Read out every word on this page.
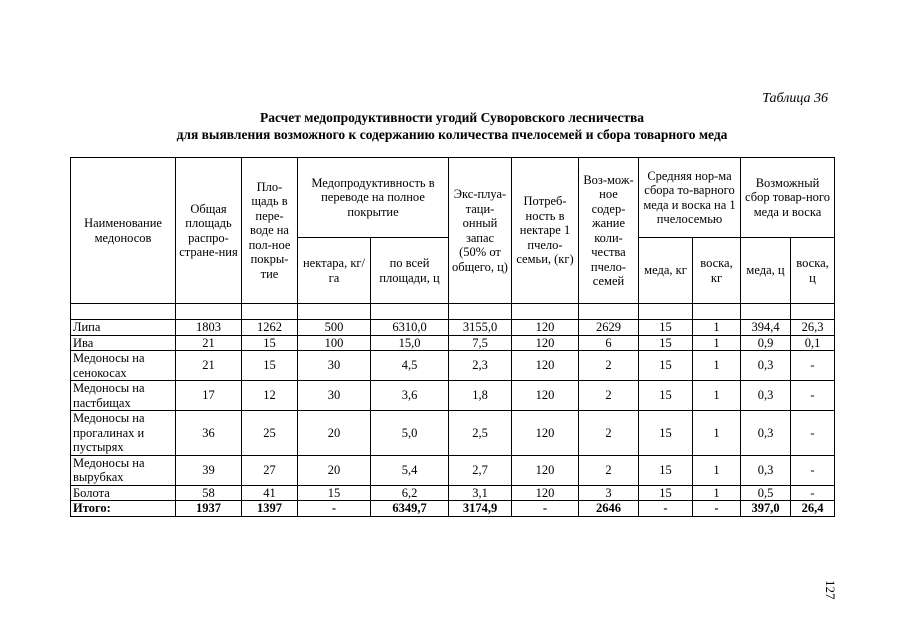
Таблица 36
Расчет медопродуктивности угодий Суворовского лесничества
для выявления возможного к содержанию количества пчелосемей и сбора товарного меда
Наименование медоносов	Общая площадь распро-стране-ния	Пло-щадь в пере-воде на пол-ное покры-тие	Медопродуктивность в переводе на полное покрытие		Экс-плуа-таци-онный запас (50% от общего, ц)	Потреб-ность в нектаре 1 пчело-семьи, (кг)	Воз-мож-ное содер-жание коли-чества пчело-семей	Средняя нор-ма сбора то-варного меда и воска на 1 пчелосемью		Возможный сбор товар-ного меда и воска	
			нектара, кг/га	по всей площади, ц				меда, кг	воска, кг	меда, ц	воска, ц

Липа	1803	1262	500	6310,0	3155,0	120	2629	15	1	394,4	26,3
Ива	21	15	100	15,0	7,5	120	6	15	1	0,9	0,1
Медоносы на сенокосах	21	15	30	4,5	2,3	120	2	15	1	0,3	-
Медоносы на пастбищах	17	12	30	3,6	1,8	120	2	15	1	0,3	-
Медоносы на прогалинах и пустырях	36	25	20	5,0	2,5	120	2	15	1	0,3	-
Медоносы на вырубках	39	27	20	5,4	2,7	120	2	15	1	0,3	-
Болота	58	41	15	6,2	3,1	120	3	15	1	0,5	-
Итого:	1937	1397	-	6349,7	3174,9	-	2646	-	-	397,0	26,4
127
